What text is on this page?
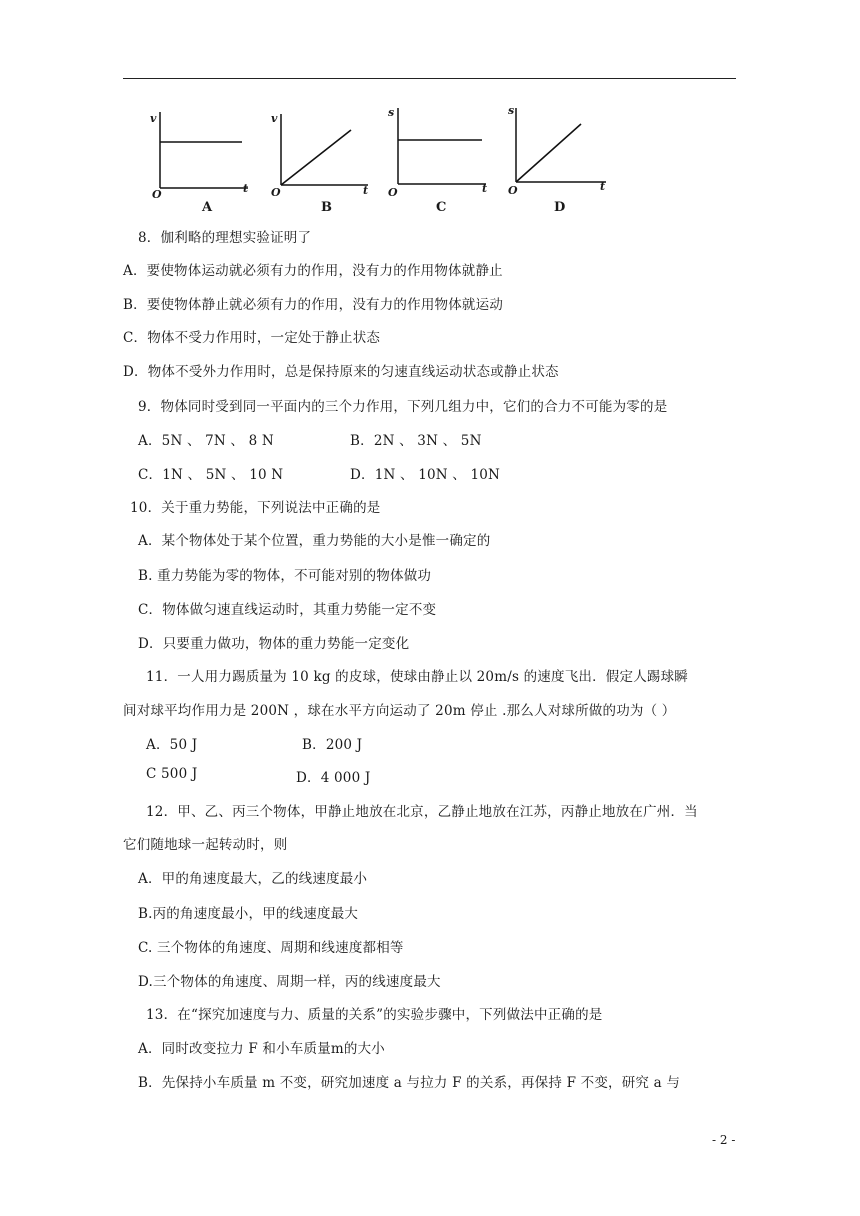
v
t
O
A
v
t
O
B
s
t
O
C
s
t
O
D
8．伽利略的理想实验证明了
A．要使物体运动就必须有力的作用，没有力的作用物体就静止
B．要使物体静止就必须有力的作用，没有力的作用物体就运动
C．物体不受力作用时，一定处于静止状态
D．物体不受外力作用时，总是保持原来的匀速直线运动状态或静止状态
9．物体同时受到同一平面内的三个力作用，下列几组力中，它们的合力不可能为零的是
A．5N 、 7N 、 8 N	B．2N 、 3N 、 5N
C．1N 、 5N 、 10 N	D．1N 、 10N 、 10N
10．关于重力势能，下列说法中正确的是
A．某个物体处于某个位置，重力势能的大小是惟一确定的
B. 重力势能为零的物体，不可能对别的物体做功
C．物体做匀速直线运动时，其重力势能一定不变
D．只要重力做功，物体的重力势能一定变化
11．一人用力踢质量为 10 kg 的皮球，使球由静止以 20m/s 的速度飞出．假定人踢球瞬
间对球平均作用力是 200N ，球在水平方向运动了 20m 停止 .那么人对球所做的功为（ ）
A．50 J	B．200 J
C 500 J	D．4 000 J
12．甲、乙、丙三个物体，甲静止地放在北京，乙静止地放在江苏，丙静止地放在广州．当
它们随地球一起转动时，则
A．甲的角速度最大，乙的线速度最小
B.丙的角速度最小，甲的线速度最大
C. 三个物体的角速度、周期和线速度都相等
D.三个物体的角速度、周期一样，丙的线速度最大
13．在“探究加速度与力、质量的关系”的实验步骤中，下列做法中正确的是
A．同时改变拉力 F 和小车质量m的大小
B．先保持小车质量 m 不变，研究加速度 a 与拉力 F 的关系，再保持 F 不变，研究 a 与
- 2 -
